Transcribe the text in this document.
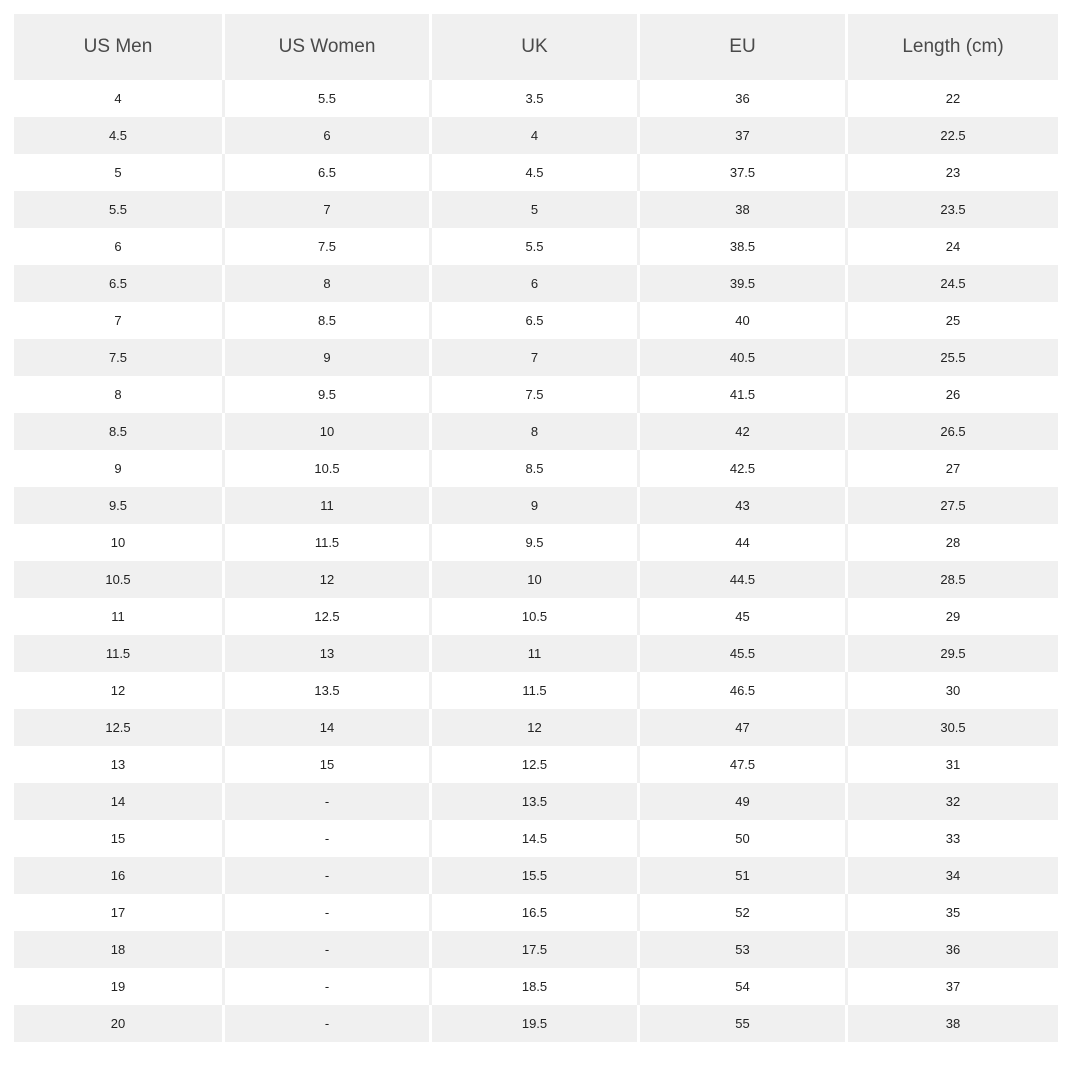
US Men	US Women	UK	EU	Length (cm)
4	5.5	3.5	36	22
4.5	6	4	37	22.5
5	6.5	4.5	37.5	23
5.5	7	5	38	23.5
6	7.5	5.5	38.5	24
6.5	8	6	39.5	24.5
7	8.5	6.5	40	25
7.5	9	7	40.5	25.5
8	9.5	7.5	41.5	26
8.5	10	8	42	26.5
9	10.5	8.5	42.5	27
9.5	11	9	43	27.5
10	11.5	9.5	44	28
10.5	12	10	44.5	28.5
11	12.5	10.5	45	29
11.5	13	11	45.5	29.5
12	13.5	11.5	46.5	30
12.5	14	12	47	30.5
13	15	12.5	47.5	31
14	-	13.5	49	32
15	-	14.5	50	33
16	-	15.5	51	34
17	-	16.5	52	35
18	-	17.5	53	36
19	-	18.5	54	37
20	-	19.5	55	38
